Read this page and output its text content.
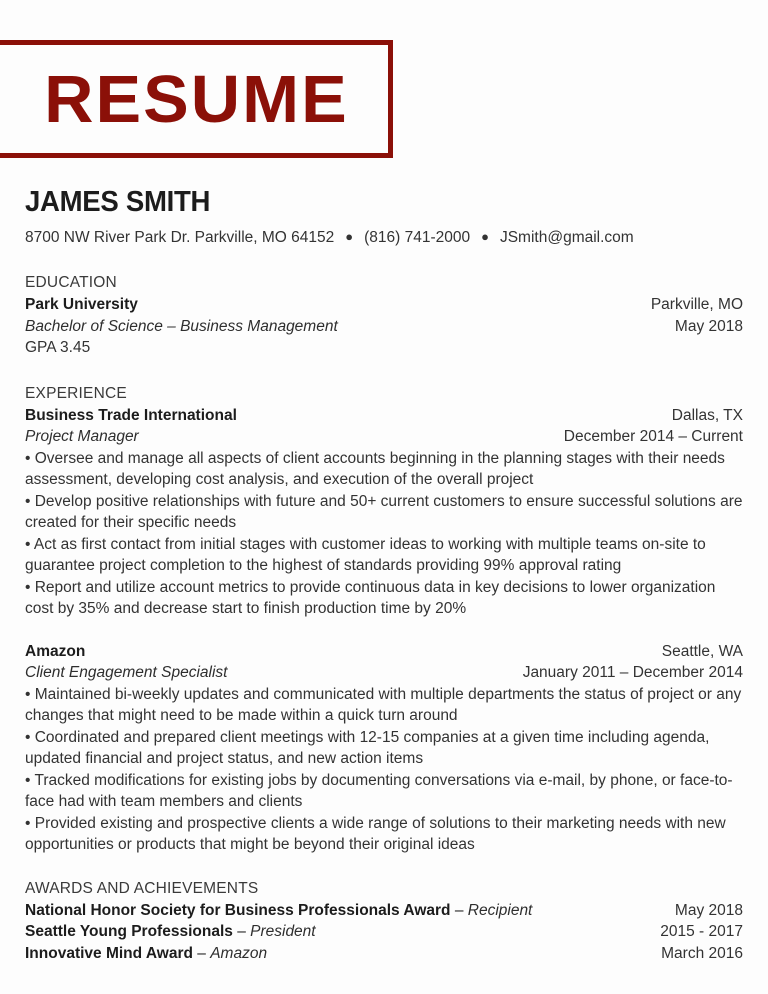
RESUME
JAMES SMITH

8700 NW River Park Dr. Parkville, MO 64152 ● (816) 741-2000 ● JSmith@gmail.com

EDUCATION
Park University	Parkville, MO
Bachelor of Science – Business Management	May 2018
GPA 3.45
EXPERIENCE
Business Trade International	Dallas, TX
Project Manager	December 2014 – Current

• Oversee and manage all aspects of client accounts beginning in the planning stages with their needs assessment, developing cost analysis, and execution of the overall project

• Develop positive relationships with future and 50+ current customers to ensure successful solutions are created for their specific needs

• Act as first contact from initial stages with customer ideas to working with multiple teams on-site to guarantee project completion to the highest of standards providing 99% approval rating

• Report and utilize account metrics to provide continuous data in key decisions to lower organization cost by 35% and decrease start to finish production time by 20%

Amazon	Seattle, WA
Client Engagement Specialist	January 2011 – December 2014

• Maintained bi-weekly updates and communicated with multiple departments the status of project or any changes that might need to be made within a quick turn around

• Coordinated and prepared client meetings with 12-15 companies at a given time including agenda, updated financial and project status, and new action items

• Tracked modifications for existing jobs by documenting conversations via e-mail, by phone, or face-to-face had with team members and clients

• Provided existing and prospective clients a wide range of solutions to their marketing needs with new opportunities or products that might be beyond their original ideas

AWARDS AND ACHIEVEMENTS
National Honor Society for Business Professionals Award – Recipient	May 2018
Seattle Young Professionals – President	2015 - 2017
Innovative Mind Award – Amazon	March 2016
